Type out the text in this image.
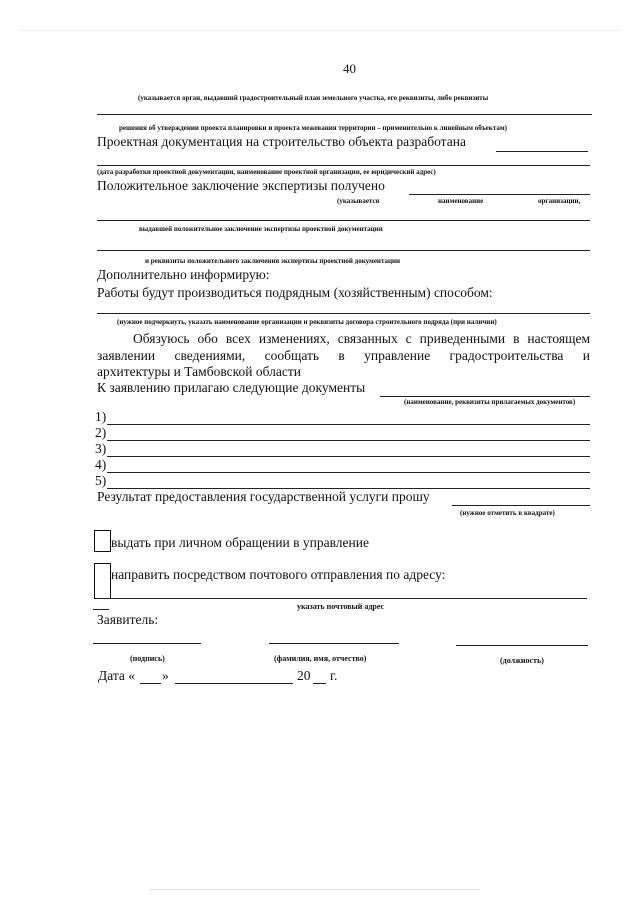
40
(указывается орган, выдавший градостроительный план земельного участка, его реквизиты, либо реквизиты
решения об утверждении проекта планировки и проекта межевания территории – применительно к линейным объектам)
Проектная документация на строительство объекта разработана
(дата разработки проектной документации, наименование проектной организации, ее юридический адрес)
Положительное заключение экспертизы получено
(указывается	наименование	организации,
выдавшей положительное заключение экспертизы проектной документации
и реквизиты положительного заключения экспертизы проектной документации
Дополнительно информирую:
Работы будут производиться подрядным (хозяйственным) способом:
(нужное подчеркнуть, указать наименование организации и реквизиты договора строительного подряда (при наличии)
Обязуюсь обо всех изменениях, связанных с приведенными в настоящем
заявлении сведениями, сообщать в управление градостроительства и
архитектуры и Тамбовской области
К заявлению прилагаю следующие документы
(наименование, реквизиты прилагаемых документов)
1)
2)
3)
4)
5)
Результат предоставления государственной услуги прошу
(нужное отметить в квадрате)
выдать при личном обращении в управление
направить посредством почтового отправления по адресу:
указать почтовый адрес
Заявитель:
(подпись)	(фамилия, имя, отчество)	(должность)
Дата « »	20 г.
